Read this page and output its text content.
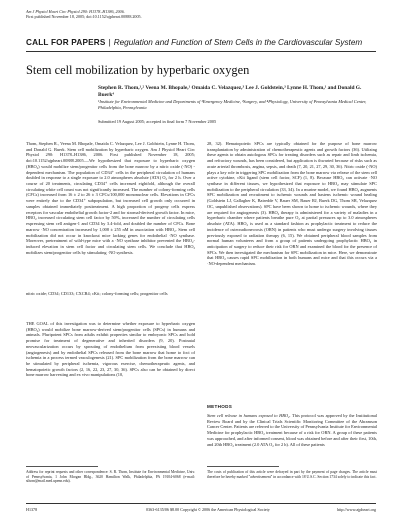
Am J Physiol Heart Circ Physiol 290: H1378–H1386, 2006.
First published November 18, 2005; doi:10.1152/ajpheart.00888.2005.
CALL FOR PAPERS | Regulation and Function of Stem Cells in the Cardiovascular System
Stem cell mobilization by hyperbaric oxygen
Stephen R. Thom,¹,² Veena M. Bhopale,¹ Omaida C. Velazquez,³ Lee J. Goldstein,³ Lynne H. Thom,¹ and Donald G. Buerk⁴
¹Institute for Environmental Medicine and Departments of ²Emergency Medicine, ³Surgery, and ⁴Physiology, University of Pennsylvania Medical Center, Philadelphia, Pennsylvania
Submitted 19 August 2005; accepted in final form 7 November 2005

Thom, Stephen R., Veena M. Bhopale, Omaida C. Velazquez, Lee J. Goldstein, Lynne H. Thom, and Donald G. Buerk. Stem cell mobilization by hyperbaric oxygen. Am J Physiol Heart Circ Physiol 290: H1378–H1386, 2006. First published November 18, 2005; doi:10.1152/ajpheart.00888.2005.—We hypothesized that exposure to hyperbaric oxygen (HBO₂) would mobilize stem/progenitor cells from the bone marrow by a nitric oxide (·NO) -dependent mechanism. The population of CD34⁺ cells in the peripheral circulation of humans doubled in response to a single exposure to 2.0 atmospheres absolute (ATA) O₂ for 2 h. Over a course of 20 treatments, circulating CD34⁺ cells increased eightfold, although the overall circulating white cell count was not significantly increased. The number of colony-forming cells (CFCs) increased from 16 ± 2 to 26 ± 3 CFCs/100,000 mononuclear cells. Elevations in CFCs were entirely due to the CD34⁺ subpopulation, but increased cell growth only occurred in samples obtained immediately posttreatment. A high proportion of progeny cells express receptors for vascular endothelial growth factor-2 and for stromal-derived growth factor. In mice, HBO₂ increased circulating stem cell factor by 50%, increased the number of circulating cells expressing stem cell antigen-1 and CD34 by 3.4-fold, and doubled the number of CFCs. Bone marrow ·NO concentration increased by 1,008 ± 255 nM in association with HBO₂. Stem cell mobilization did not occur in knockout mice lacking genes for endothelial ·NO synthase. Moreover, pretreatment of wild-type mice with a ·NO synthase inhibitor prevented the HBO₂-induced elevation in stem cell factor and circulating stem cells. We conclude that HBO₂ mobilizes stem/progenitor cells by stimulating ·NO synthesis.

nitric oxide; CD34; CD133; CXCR4; cKit; colony-forming cells; progenitor cells

THE GOAL of this investigation was to determine whether exposure to hyperbaric oxygen (HBO₂) would mobilize bone marrow-derived stem/progenitor cells (SPCs) in humans and animals. Pluripotent SPCs from adults exhibit properties similar to embryonic SPCs and hold promise for treatment of degenerative and inherited disorders (9, 20). Postnatal neovascularization occurs by sprouting of endothelium from preexisting blood vessels (angiogenesis) and by endothelial SPCs released from the bone marrow that home to foci of ischemia in a process termed vasculogenesis (21). SPC mobilization from the bone marrow can be stimulated by peripheral ischemia, vigorous exercise, chemotherapeutic agents, and hematopoietic growth factors (2, 16, 22, 23, 27, 30, 36). SPCs also can be obtained by direct bone marrow harvesting and ex vivo manipulations (10,

28, 32). Hematopoietic SPCs are typically obtained for the purpose of bone marrow transplantation by administration of chemotherapeutic agents and growth factors (36). Utilizing these agents to obtain autologous SPCs for treating disorders such as repair and limb ischemia, and refractory wounds, has been considered, but application is thwarted because of risks such as acute arterial thrombosis, angina, sepsis, and death (7, 20, 21, 27, 29, 30, 36). Nitric oxide (·NO) plays a key role in triggering SPC mobilization from the bone marrow via release of the stem cell active cytokine, cKit ligand (stem cell factor, SCF) (1, 8). Because HBO₂ can activate ·NO synthase in different tissues, we hypothesized that exposure to HBO₂ may stimulate SPC mobilization to the peripheral circulation (33, 34). In a murine model, we found HBO₂ augments SPC mobilization and recruitment to ischemic wounds and hastens ischemic wound healing (Goldstein LJ, Gallagher K, Bairedde V, Bauer SM, Bauer RJ, Buerk DG, Thom SR, Velazquez OC, unpublished observations). SPC have been shown to home to ischemic wounds, where they are required for angiogenesis (3). HBO₂ therapy is administered for a variety of maladies in a hyperbaric chamber where patients breathe pure O₂ at partial pressures up to 3.0 atmospheres absolute (ATA). HBO₂ is used as a standard fashion as prophylactic treatment to reduce the incidence of osteoradionecrosis (ORN) in patients who must undergo surgery involving tissues previously exposed to radiation therapy (6, 15). We obtained peripheral blood samples from normal human volunteers and from a group of patients undergoing prophylactic HBO₂ in anticipation of surgery to reduce their risk for ORN and examined the blood for the presence of SPCs. We then investigated the mechanism for SPC mobilization in mice. Here, we demonstrate that HBO₂ causes rapid SPC mobilization in both humans and mice and that this occurs via a ·NO-dependent mechanism.

METHODS

Stem cell release in humans exposed to HBO₂. This protocol was approved by the Institutional Review Board and by the Clinical Trials Scientific Monitoring Committee of the Abramson Cancer Center. Patients are referred to the University of Pennsylvania Institute for Environmental Medicine for prophylactic HBO₂ treatment because of a risk for ORN. A group of these patients was approached, and after informed consent, blood was obtained before and after their first, 10th, and 20th HBO₂ treatment (2.0 ATA O₂ for 2 h). All of these patients

Address for reprint requests and other correspondence: S. R. Thom, Institute for Environmental Medicine, Univ. of Pennsylvania, 1 John Morgan Bldg., 3620 Hamilton Walk, Philadelphia, PA 19104-6068 (e-mail: sthom@mail.med.upenn.edu).
The costs of publication of this article were defrayed in part by the payment of page charges. The article must therefore be hereby marked "advertisement" in accordance with 18 U.S.C. Section 1734 solely to indicate this fact.
H1378	0363-6135/06 $8.00 Copyright © 2006 the American Physiological Society	http://www.ajpheart.org
